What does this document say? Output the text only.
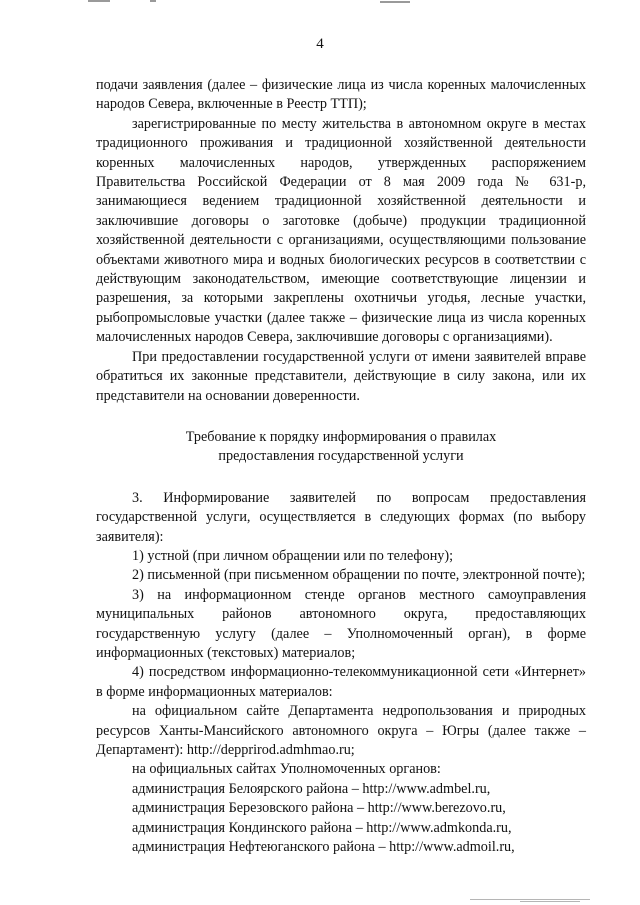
4

подачи заявления (далее – физические лица из числа коренных малочисленных народов Севера, включенные в Реестр ТТП);

зарегистрированные по месту жительства в автономном округе в местах традиционного проживания и традиционной хозяйственной деятельности коренных малочисленных народов, утвержденных распоряжением Правительства Российской Федерации от 8 мая 2009 года № 631-р, занимающиеся ведением традиционной хозяйственной деятельности и заключившие договоры о заготовке (добыче) продукции традиционной хозяйственной деятельности с организациями, осуществляющими пользование объектами животного мира и водных биологических ресурсов в соответствии с действующим законодательством, имеющие соответствующие лицензии и разрешения, за которыми закреплены охотничьи угодья, лесные участки, рыбопромысловые участки (далее также – физические лица из числа коренных малочисленных народов Севера, заключившие договоры с организациями).

При предоставлении государственной услуги от имени заявителей вправе обратиться их законные представители, действующие в силу закона, или их представители на основании доверенности.

Требование к порядку информирования о правилах
предоставления государственной услуги

3. Информирование заявителей по вопросам предоставления государственной услуги, осуществляется в следующих формах (по выбору заявителя):

1) устной (при личном обращении или по телефону);

2) письменной (при письменном обращении по почте, электронной почте);

3) на информационном стенде органов местного самоуправления муниципальных районов автономного округа, предоставляющих государственную услугу (далее – Уполномоченный орган), в форме информационных (текстовых) материалов;

4) посредством информационно-телекоммуникационной сети «Интернет» в форме информационных материалов:

на официальном сайте Департамента недропользования и природных ресурсов Ханты-Мансийского автономного округа – Югры (далее также – Департамент): http://depprirod.admhmao.ru;

на официальных сайтах Уполномоченных органов:

администрация Белоярского района – http://www.admbel.ru,

администрация Березовского района – http://www.berezovo.ru,

администрация Кондинского района – http://www.admkonda.ru,

администрация Нефтеюганского района – http://www.admoil.ru,
